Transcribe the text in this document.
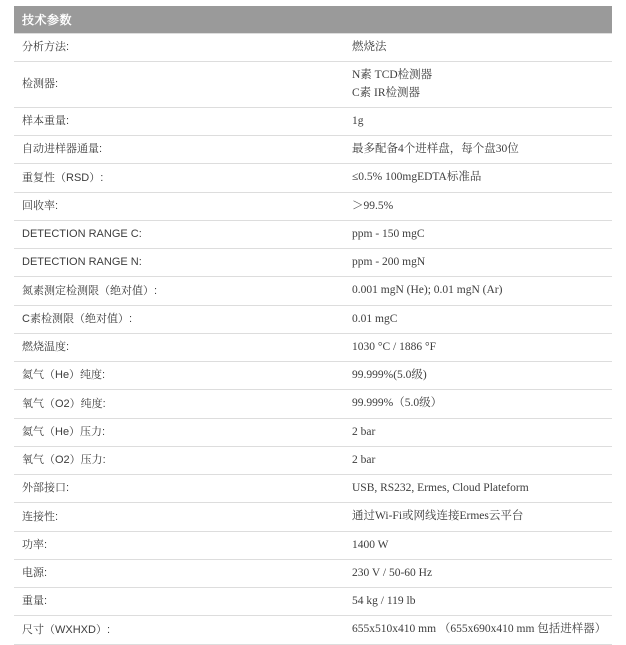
技术参数	
分析方法:	燃烧法
检测器:	N素 TCD检测器
C素 IR检测器

样本重量:	1g
自动进样器通量:	最多配备4个进样盘，每个盘30位
重复性（RSD）:	≤0.5% 100mgEDTA标准品
回收率:	＞99.5%
DETECTION RANGE C:	ppm - 150 mgC
DETECTION RANGE N:	ppm - 200 mgN
氮素测定检测限（绝对值）:	0.001 mgN (He); 0.01 mgN (Ar)
C素检测限（绝对值）:	0.01 mgC
燃烧温度:	1030 °C / 1886 °F
氦气（He）纯度:	99.999%(5.0级)
氧气（O2）纯度:	99.999%（5.0级）
氦气（He）压力:	2 bar
氧气（O2）压力:	2 bar
外部接口:	USB, RS232, Ermes, Cloud Plateform
连接性:	通过Wi-Fi或网线连接Ermes云平台
功率:	1400 W
电源:	230 V / 50-60 Hz
重量:	54 kg / 119 lb
尺寸（WXHXD）:	655x510x410 mm （655x690x410 mm 包括进样器）
